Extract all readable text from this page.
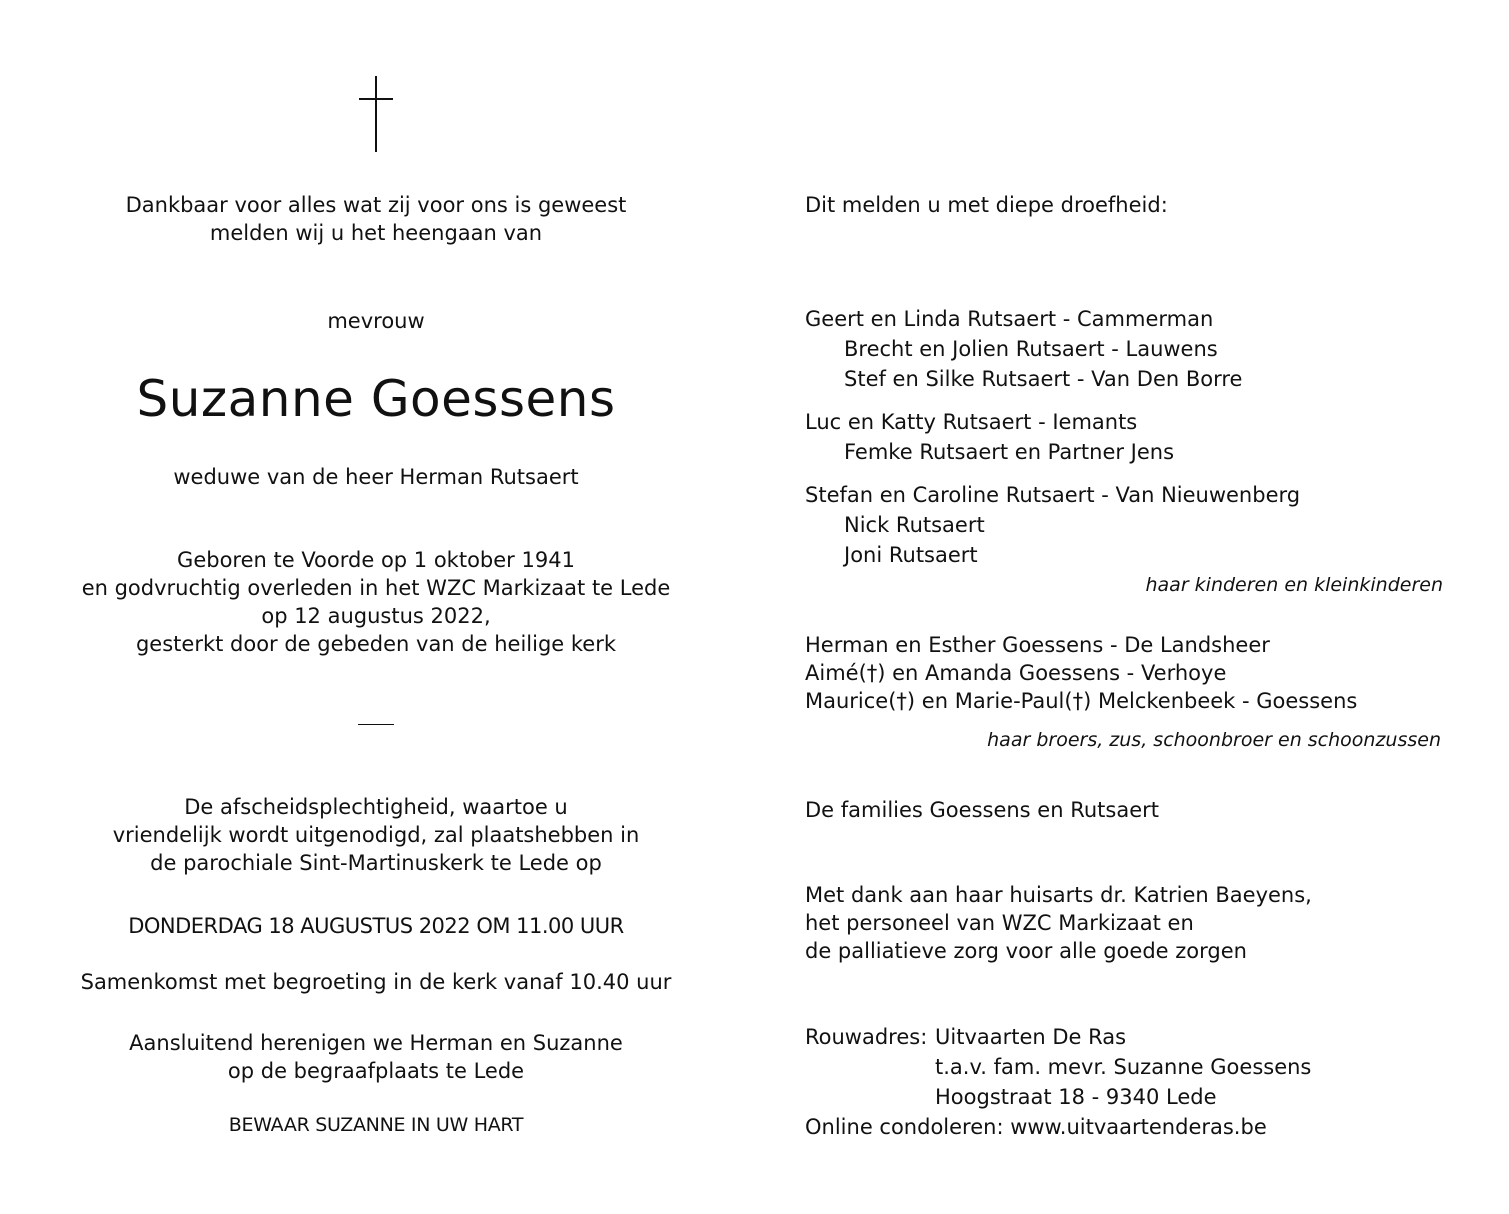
Dankbaar voor alles wat zij voor ons is geweest
melden wij u het heengaan van
mevrouw
Suzanne Goessens
weduwe van de heer Herman Rutsaert
Geboren te Voorde op 1 oktober 1941
en godvruchtig overleden in het WZC Markizaat te Lede
op 12 augustus 2022,
gesterkt door de gebeden van de heilige kerk
De afscheidsplechtigheid, waartoe u
vriendelijk wordt uitgenodigd, zal plaatshebben in
de parochiale Sint-Martinuskerk te Lede op
DONDERDAG 18 AUGUSTUS 2022 OM 11.00 UUR
Samenkomst met begroeting in de kerk vanaf 10.40 uur
Aansluitend herenigen we Herman en Suzanne
op de begraafplaats te Lede
BEWAAR SUZANNE IN UW HART
Dit melden u met diepe droefheid:
Geert en Linda Rutsaert - Cammerman
Brecht en Jolien Rutsaert - Lauwens
Stef en Silke Rutsaert - Van Den Borre
Luc en Katty Rutsaert - Iemants
Femke Rutsaert en Partner Jens
Stefan en Caroline Rutsaert - Van Nieuwenberg
Nick Rutsaert
Joni Rutsaert
haar kinderen en kleinkinderen
Herman en Esther Goessens - De Landsheer
Aimé(†) en Amanda Goessens - Verhoye
Maurice(†) en Marie-Paul(†) Melckenbeek - Goessens
haar broers, zus, schoonbroer en schoonzussen
De families Goessens en Rutsaert
Met dank aan haar huisarts dr. Katrien Baeyens,
het personeel van WZC Markizaat en
de palliatieve zorg voor alle goede zorgen
Rouwadres: Uitvaarten De Ras
t.a.v. fam. mevr. Suzanne Goessens
Hoogstraat 18 - 9340 Lede
Online condoleren: www.uitvaartenderas.be
